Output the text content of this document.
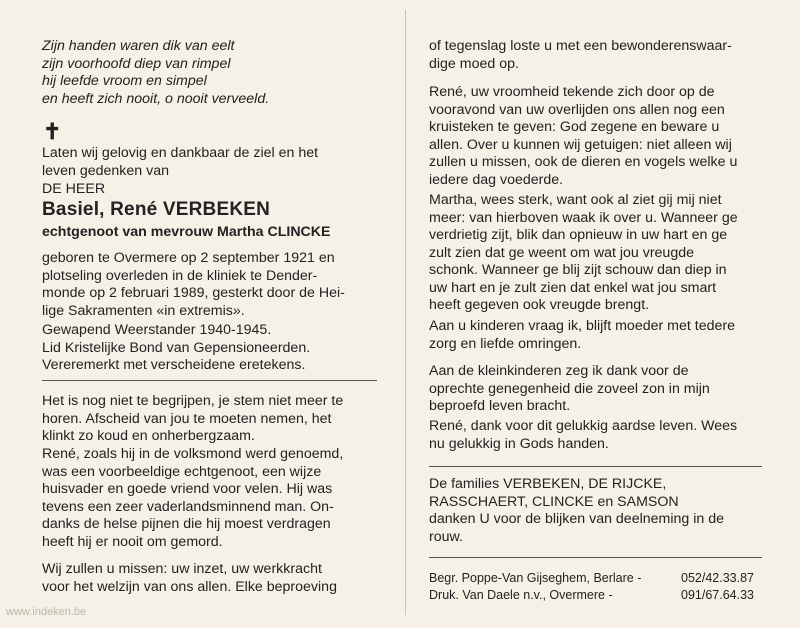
Zijn handen waren dik van eelt
zijn voorhoofd diep van rimpel
hij leefde vroom en simpel
en heeft zich nooit, o nooit verveeld.
✝
Laten wij gelovig en dankbaar de ziel en het
leven gedenken van
DE HEER
Basiel, René VERBEKEN
echtgenoot van mevrouw Martha CLINCKE
geboren te Overmere op 2 september 1921 en
plotseling overleden in de kliniek te Dender-
monde op 2 februari 1989, gesterkt door de Hei-
lige Sakramenten «in extremis».
Gewapend Weerstander 1940-1945.
Lid Kristelijke Bond van Gepensioneerden.
Vereremerkt met verscheidene eretekens.
Het is nog niet te begrijpen, je stem niet meer te
horen. Afscheid van jou te moeten nemen, het
klinkt zo koud en onherbergzaam.
René, zoals hij in de volksmond werd genoemd,
was een voorbeeldige echtgenoot, een wijze
huisvader en goede vriend voor velen. Hij was
tevens een zeer vaderlandsminnend man. On-
danks de helse pijnen die hij moest verdragen
heeft hij er nooit om gemord.
Wij zullen u missen: uw inzet, uw werkkracht
voor het welzijn van ons allen. Elke beproeving
of tegenslag loste u met een bewonderenswaar-
dige moed op.
René, uw vroomheid tekende zich door op de
vooravond van uw overlijden ons allen nog een
kruisteken te geven: God zegene en beware u
allen. Over u kunnen wij getuigen: niet alleen wij
zullen u missen, ook de dieren en vogels welke u
iedere dag voederde.
Martha, wees sterk, want ook al ziet gij mij niet
meer: van hierboven waak ik over u. Wanneer ge
verdrietig zijt, blik dan opnieuw in uw hart en ge
zult zien dat ge weent om wat jou vreugde
schonk. Wanneer ge blij zijt schouw dan diep in
uw hart en je zult zien dat enkel wat jou smart
heeft gegeven ook vreugde brengt.
Aan u kinderen vraag ik, blijft moeder met tedere
zorg en liefde omringen.
Aan de kleinkinderen zeg ik dank voor de
oprechte genegenheid die zoveel zon in mijn
beproefd leven bracht.
René, dank voor dit gelukkig aardse leven. Wees
nu gelukkig in Gods handen.
De families VERBEKEN, DE RIJCKE,
RASSCHAERT, CLINCKE en SAMSON
danken U voor de blijken van deelneming in de
rouw.
Begr. Poppe-Van Gijseghem, Berlare -	052/42.33.87
Druk. Van Daele n.v., Overmere -	091/67.64.33
www.indeken.be
